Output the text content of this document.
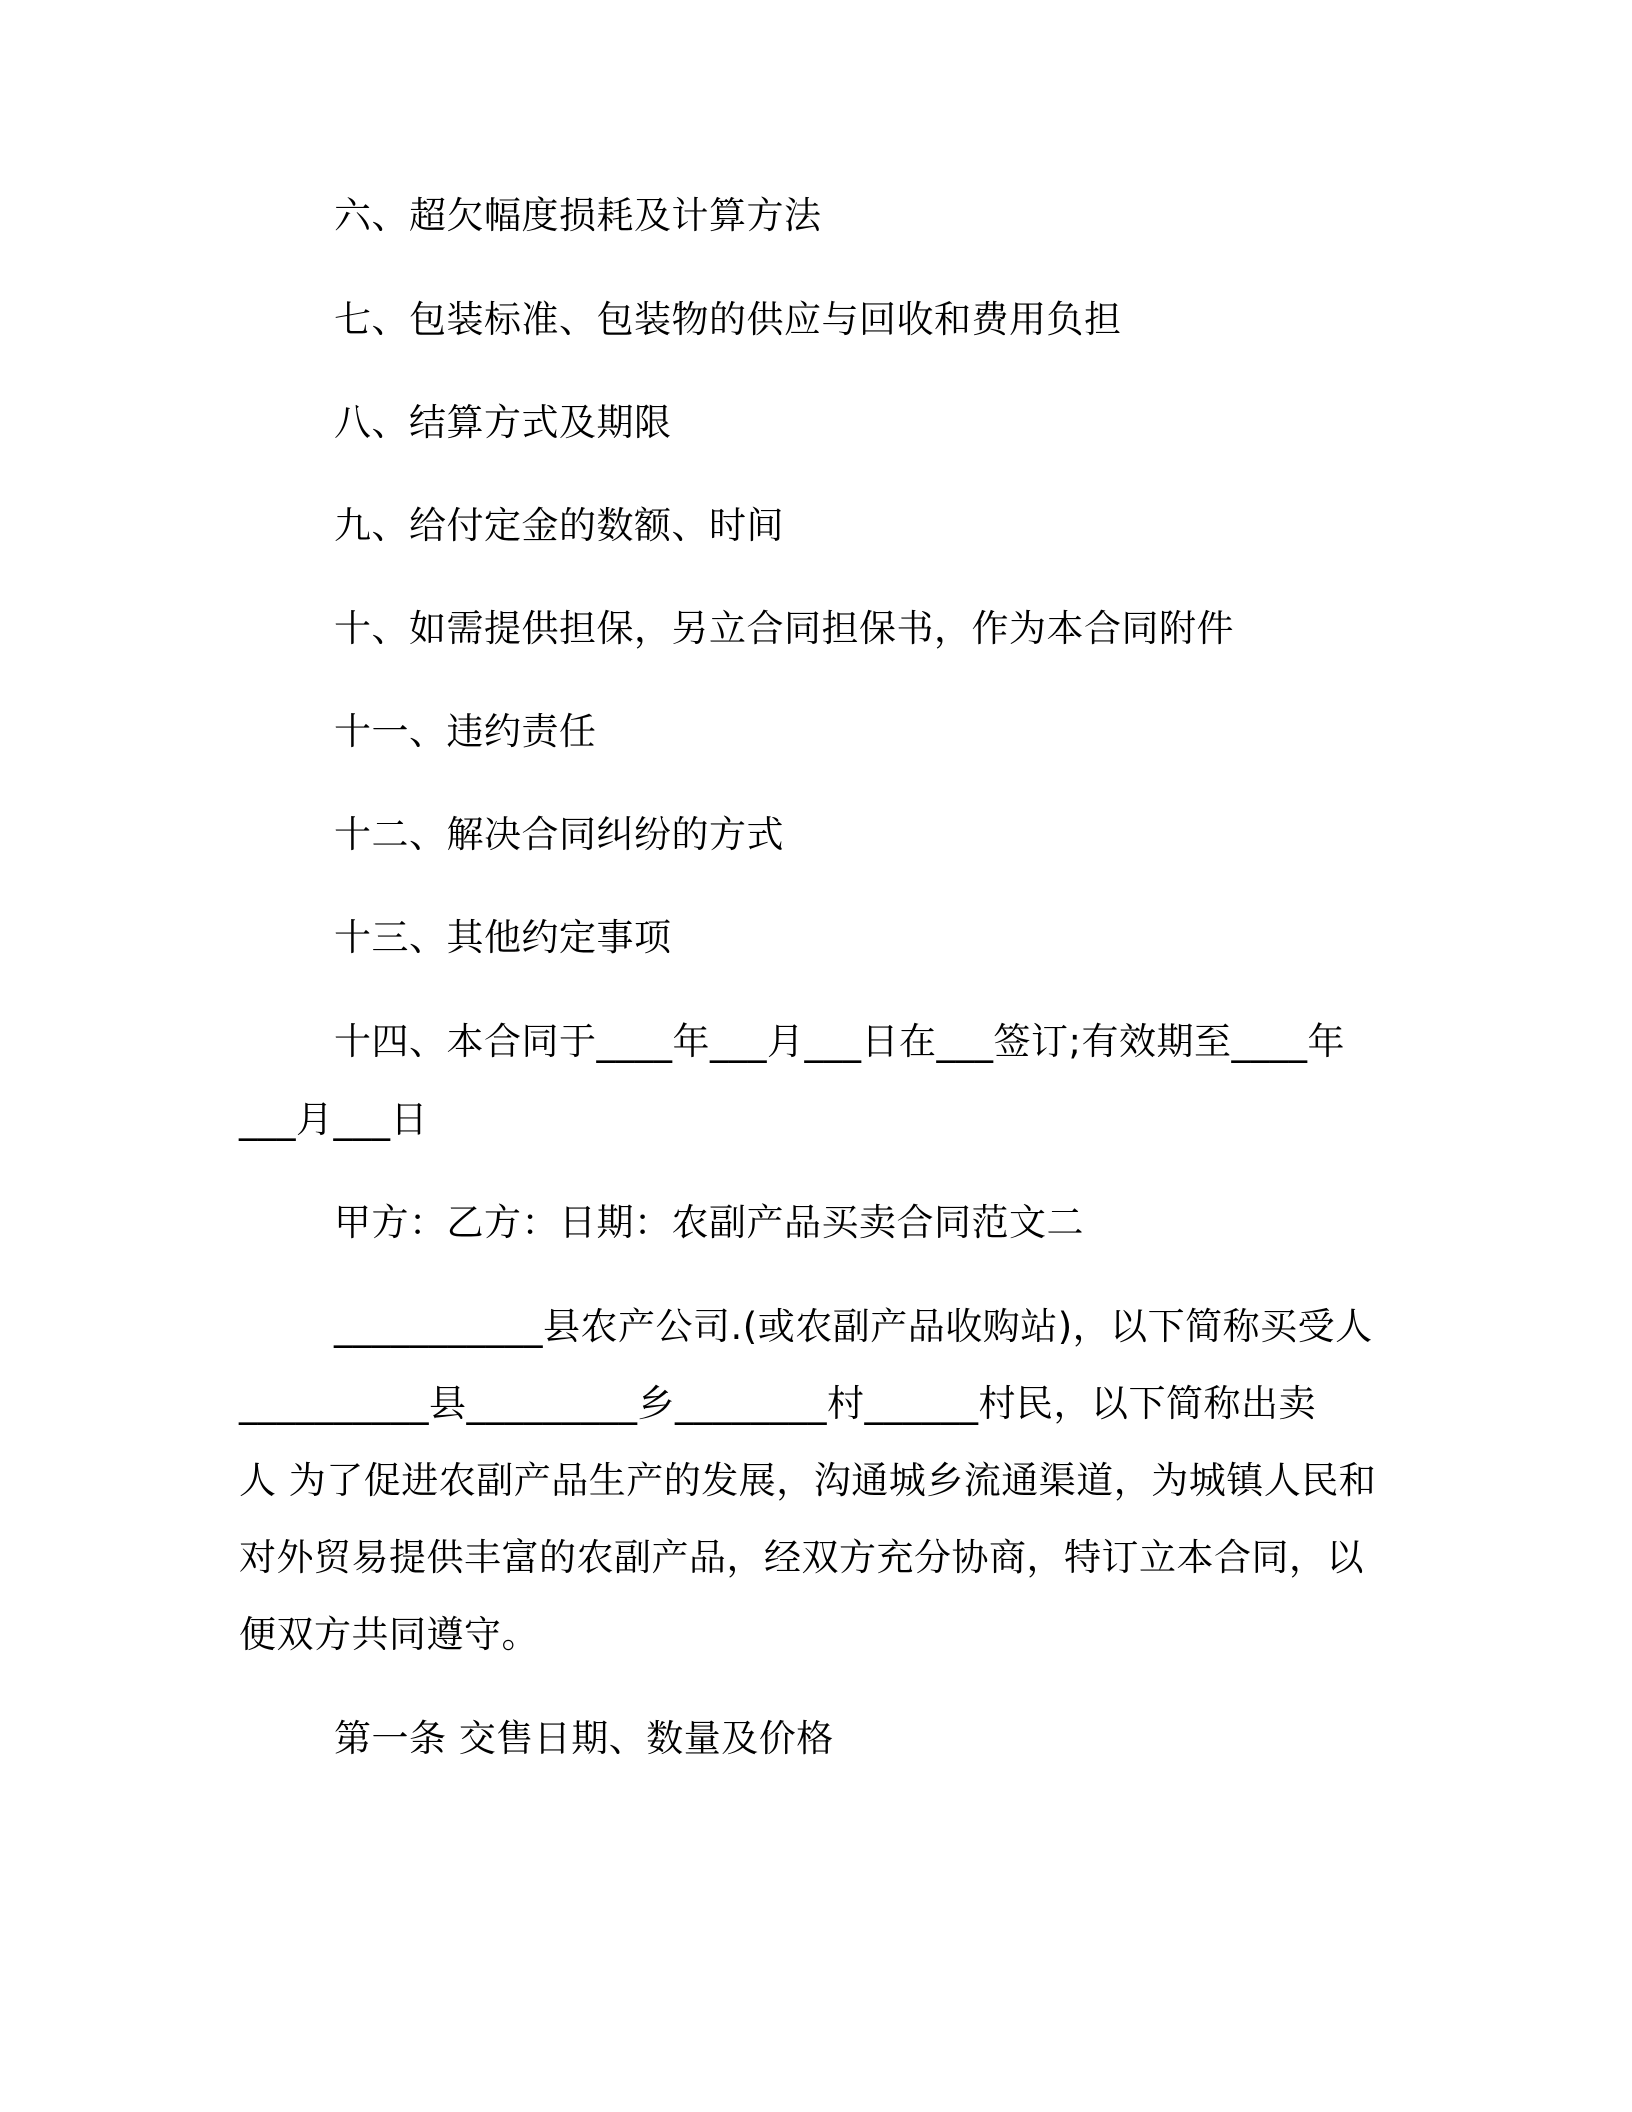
六、超欠幅度损耗及计算方法
七、包装标准、包装物的供应与回收和费用负担
八、结算方式及期限
九、给付定金的数额、时间
十、如需提供担保，另立合同担保书，作为本合同附件
十一、违约责任
十二、解决合同纠纷的方式
十三、其他约定事项
十四、本合同于____年___月___日在___签订;有效期至____年
___月___日
甲方：乙方：日期：农副产品买卖合同范文二
___________县农产公司.(或农副产品收购站)，以下简称买受人
__________县_________乡________村______村民，以下简称出卖
人 为了促进农副产品生产的发展，沟通城乡流通渠道，为城镇人民和
对外贸易提供丰富的农副产品，经双方充分协商，特订立本合同，以
便双方共同遵守。
第一条 交售日期、数量及价格
